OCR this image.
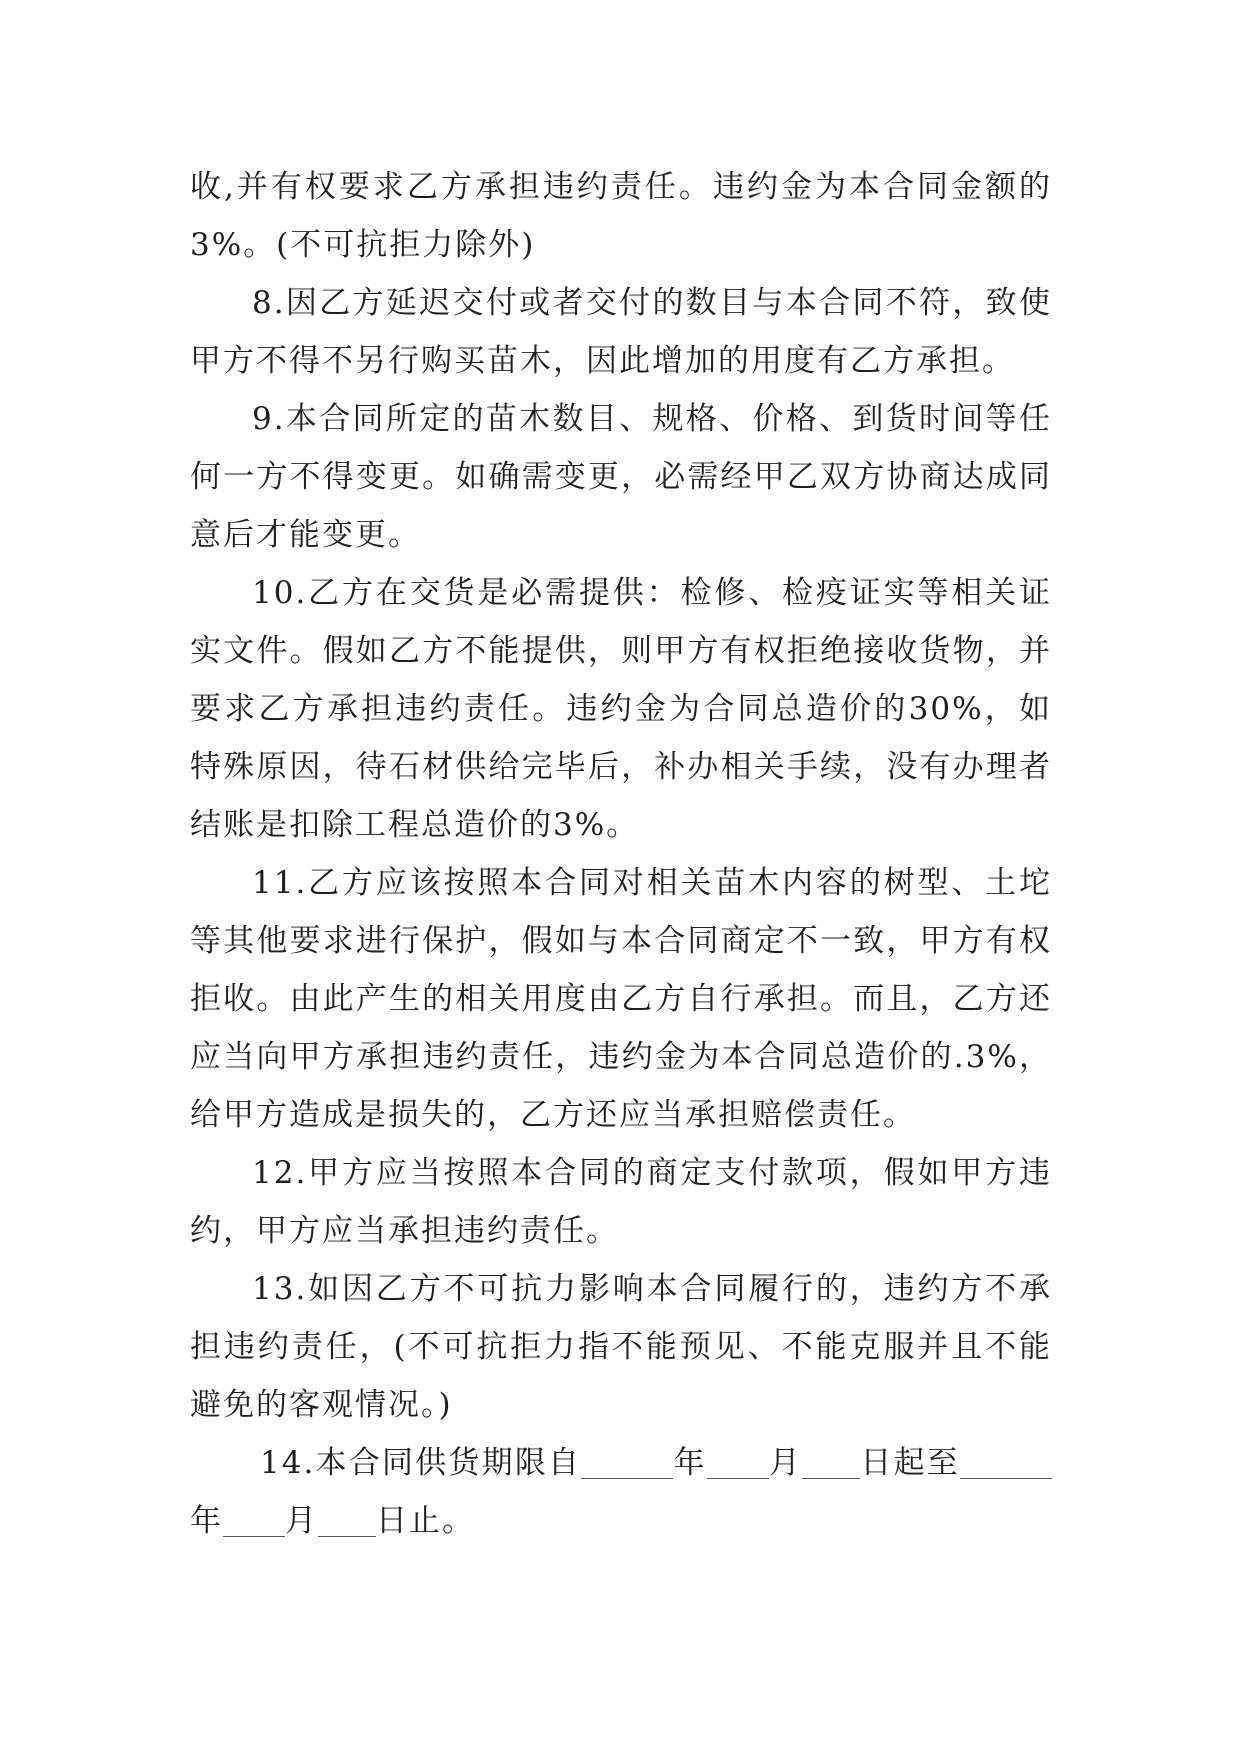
收,并有权要求乙方承担违约责任。违约金为本合同金额的3%。(不可抗拒力除外)

8.因乙方延迟交付或者交付的数目与本合同不符，致使甲方不得不另行购买苗木，因此增加的用度有乙方承担。

9.本合同所定的苗木数目、规格、价格、到货时间等任何一方不得变更。如确需变更，必需经甲乙双方协商达成同意后才能变更。

10.乙方在交货是必需提供：检修、检疫证实等相关证实文件。假如乙方不能提供，则甲方有权拒绝接收货物，并要求乙方承担违约责任。违约金为合同总造价的30%，如特殊原因，待石材供给完毕后，补办相关手续，没有办理者结账是扣除工程总造价的3%。

11.乙方应该按照本合同对相关苗木内容的树型、土坨等其他要求进行保护，假如与本合同商定不一致，甲方有权拒收。由此产生的相关用度由乙方自行承担。而且，乙方还应当向甲方承担违约责任，违约金为本合同总造价的.3%，给甲方造成是损失的，乙方还应当承担赔偿责任。

12.甲方应当按照本合同的商定支付款项，假如甲方违约，甲方应当承担违约责任。

13.如因乙方不可抗力影响本合同履行的，违约方不承担违约责任，(不可抗拒力指不能预见、不能克服并且不能避免的客观情况。)

14.本合同供货期限自	年 月 日起至年 月 日止。
